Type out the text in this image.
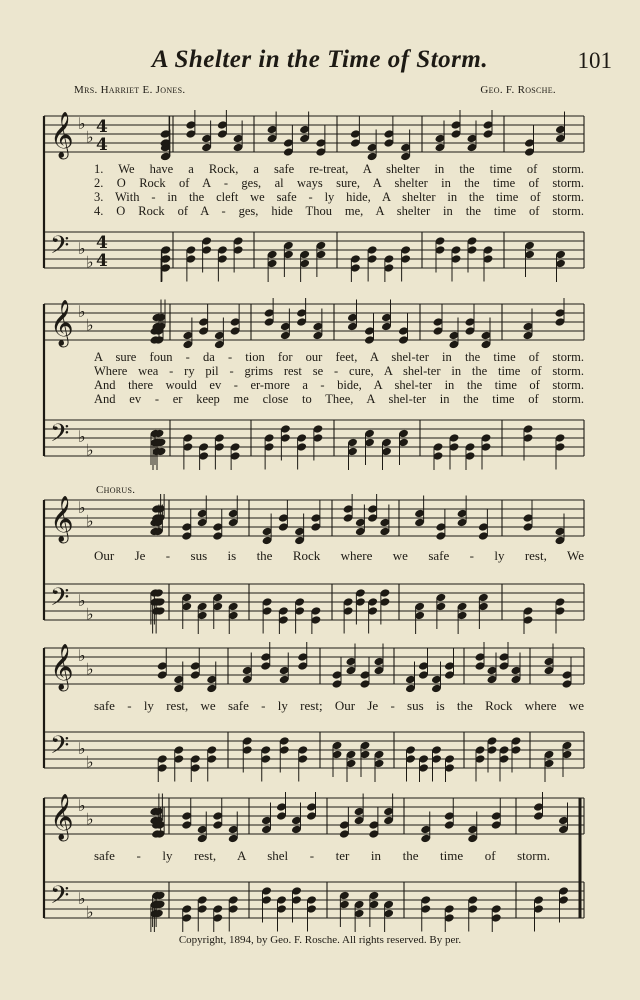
A Shelter in the Time of Storm.	101
Mrs. Harriet E. Jones.	Geo. F. Rosche.
1. We have a Rock, a safe re-treat, A shelter in the time of storm.
2. O Rock of A - ges, al ways sure, A shelter in the time of storm.
3. With - in the cleft we safe - ly hide, A shelter in the time of storm.
4. O Rock of A - ges, hide Thou me, A shelter in the time of storm.
A sure foun - da - tion for our feet, A shel-ter in the time of storm.
Where wea - ry pil - grims rest se - cure, A shel-ter in the time of storm.
And there would ev - er-more a - bide, A shel-ter in the time of storm.
And ev - er keep me close to Thee, A shel-ter in the time of storm.
Chorus.
Our Je - sus is the Rock where we safe - ly rest, We
safe - ly rest, we safe - ly rest; Our Je - sus is the Rock where we
safe - ly rest, A shel - ter in the time of storm.
Copyright, 1894, by Geo. F. Rosche. All rights reserved. By per.
𝄞 ♭
♭ 4
4
𝄢 ♭
♭
4
4
𝄞 ♭
♭
𝄢 ♭
♭
𝄞 ♭
♭
𝄢 ♭
♭
𝄞 ♭
♭
𝄢 ♭
♭
𝄞 ♭
♭
𝄢 ♭
♭
